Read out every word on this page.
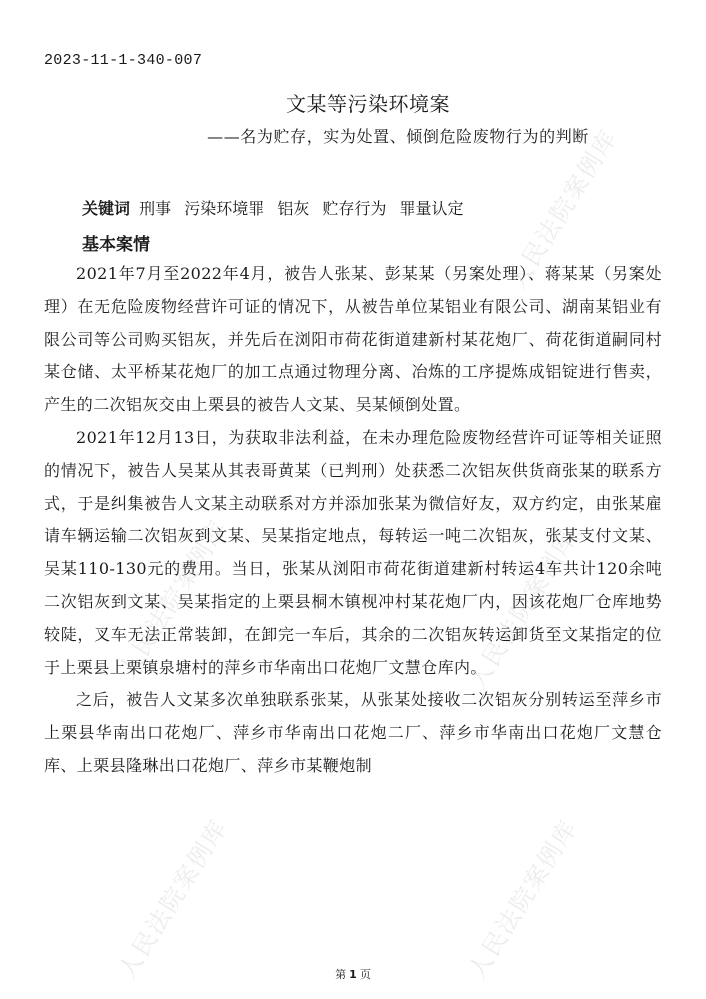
人民法院案例库
人民法院案例库	人民法院案例库
人民法院案例库	人民法院案例库
2023-11-1-340-007
文某等污染环境案
——名为贮存，实为处置、倾倒危险废物行为的判断
关键词 刑事 污染环境罪 铝灰 贮存行为 罪量认定
基本案情

2021年7月至2022年4月，被告人张某、彭某某（另案处理）、蒋某某（另案处理）在无危险废物经营许可证的情况下，从被告单位某铝业有限公司、湖南某铝业有限公司等公司购买铝灰，并先后在浏阳市荷花街道建新村某花炮厂、荷花街道嗣同村某仓储、太平桥某花炮厂的加工点通过物理分离、冶炼的工序提炼成铝锭进行售卖，产生的二次铝灰交由上栗县的被告人文某、吴某倾倒处置。

2021年12月13日，为获取非法利益，在未办理危险废物经营许可证等相关证照的情况下，被告人吴某从其表哥黄某（已判刑）处获悉二次铝灰供货商张某的联系方式，于是纠集被告人文某主动联系对方并添加张某为微信好友，双方约定，由张某雇请车辆运输二次铝灰到文某、吴某指定地点，每转运一吨二次铝灰，张某支付文某、吴某110-130元的费用。当日，张某从浏阳市荷花街道建新村转运4车共计120余吨二次铝灰到文某、吴某指定的上栗县桐木镇枧冲村某花炮厂内，因该花炮厂仓库地势较陡，叉车无法正常装卸，在卸完一车后，其余的二次铝灰转运卸货至文某指定的位于上栗县上栗镇泉塘村的萍乡市华南出口花炮厂文慧仓库内。

之后，被告人文某多次单独联系张某，从张某处接收二次铝灰分别转运至萍乡市上栗县华南出口花炮厂、萍乡市华南出口花炮二厂、萍乡市华南出口花炮厂文慧仓库、上栗县隆琳出口花炮厂、萍乡市某鞭炮制

第 1 页
